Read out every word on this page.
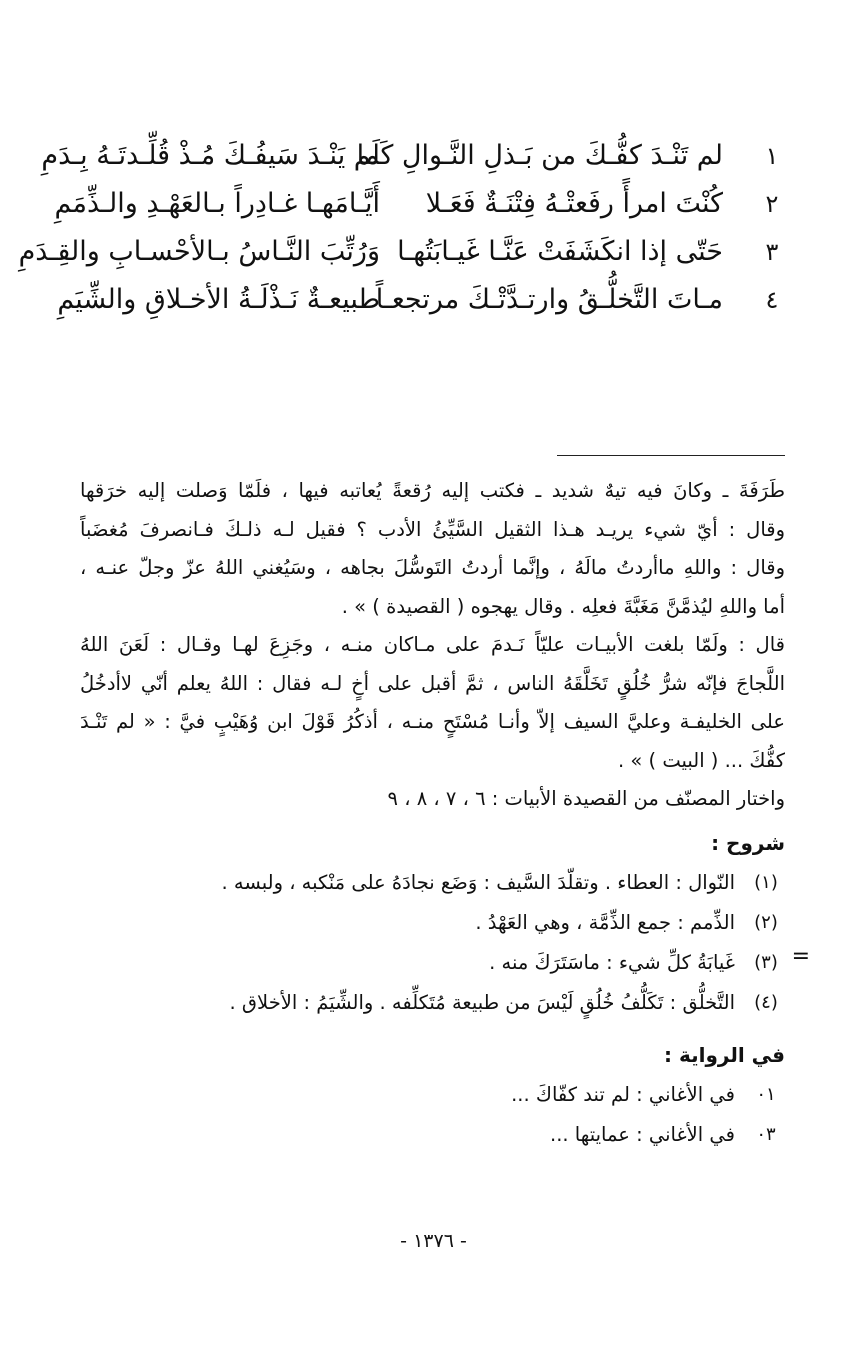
١
لم تَنْـدَ كفُّـكَ من بَـذلِ النَّـوالِ كَما
لَم يَنْـدَ سَيفُـكَ مُـذْ قُلِّـدتَـهُ بِـدَمِ
٢
كُنْتَ امرأً رفَعتْـهُ فِتْنَـةٌ فَعَـلا
أَيَّـامَهـا غـادِراً بـالعَهْـدِ والـذِّمَمِ
٣
حَتّى إذا انكَشَفَتْ عَنَّـا غَيـابَتُهـا
وَرُتِّبَ النَّـاسُ بـالأحْسـابِ والقِـدَمِ
٤
مـاتَ التَّخلُّـقُ وارتـدَّتْـكَ مرتجعـاً
طبيعـةٌ نَـذْلَـةُ الأخـلاقِ والشِّيَمِ
=
طَرَفَةَ ـ وكانَ فيه تيهٌ شديد ـ فكتب إليه رُقعةً يُعاتبه فيها ، فلَمّا وَصلت إليه خرَقها
وقال : أيّ شيء يريـد هـذا الثقيل السَّيِّئُ الأدب ؟ فقيل لـه ذلـكَ فـانصرفَ مُغضَباً
وقال : واللهِ ماأردتُ مالَهُ ، وإنَّما أردتُ التَوسُّلَ بجاهه ، وسَيُغني اللهُ عزّ وجلّ عنـه ،
أما واللهِ ليُذمَّنَّ مَغَبَّةَ فعلِه . وقال يهجوه ( القصيدة ) » .
قال : ولَمّا بلغت الأبيـات عليّاً نَـدمَ على مـاكان منـه ، وجَزِعَ لهـا وقـال : لَعَنَ اللهُ
اللَّجاجَ فإنّه شرُّ خُلُقٍ تَخَلَّقَهُ الناس ، ثمَّ أقبل على أخٍ لـه فقال : اللهُ يعلم أنّي لاأدخُلُ
على الخليفـة وعليَّ السيف إلاّ وأنـا مُسْتَحٍ منـه ، أذكُرُ قَوْلَ ابن وُهَيْبٍ فيَّ : « لم تَنْـدَ
كفُّكَ ... ( البيت ) » .
واختار المصنّف من القصيدة الأبيات : ٦ ، ٧ ، ٨ ، ٩
شروح :
(١)
النّوال : العطاء . وتقلّدَ السَّيف : وَضَع نجادَهُ على مَنْكبه ، ولبسه .
(٢)
الذِّمم : جمع الذِّمَّة ، وهي العَهْدُ .
(٣)
غَيابَةُ كلِّ شيء : ماسَتَرَكَ منه .
(٤)
التَّخلُّق : تَكَلُّفُ خُلُقٍ لَيْسَ من طبيعة مُتَكلِّفه . والشِّيَمُ : الأخلاق .
في الرواية :
٠١
في الأغاني : لم تند كفّاكَ ...
٠٣
في الأغاني : عمايتها ...
- ١٣٧٦ -
